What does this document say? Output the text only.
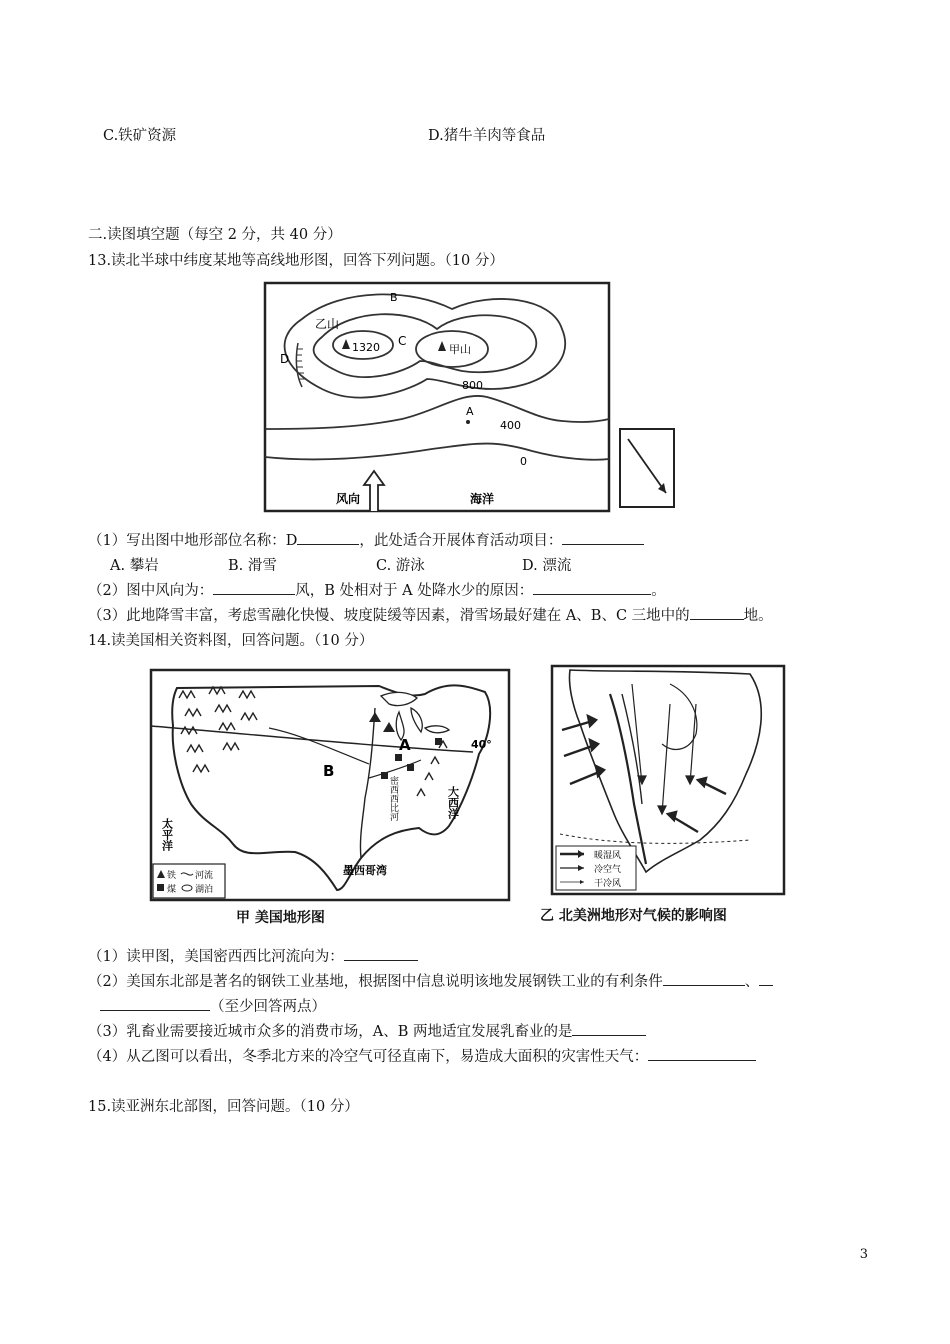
C.铁矿资源	D.猪牛羊肉等食品
二.读图填空题（每空 2 分，共 40 分）
13.读北半球中纬度某地等高线地形图，回答下列问题。（10 分）
乙山
1320	甲山
C
D
B
800
A
400
0
风向	海洋
（1）写出图中地形部位名称：D	，此处适合开展体育活动项目：
A. 攀岩	B. 滑雪	C. 游泳	D. 漂流
（2）图中风向为：	风，B 处相对于 A 处降水少的原因：	。
（3）此地降雪丰富，考虑雪融化快慢、坡度陡缓等因素，滑雪场最好建在 A、B、C 三地中的	地。
14.读美国相关资料图，回答问题。（10 分）
40°
A
B
大西洋
太平洋
密西西比河
墨西哥湾
铁 河流
煤 湖泊
甲 美国地形图
暖湿风
冷空气
干冷风
乙 北美洲地形对气候的影响图
（1）读甲图，美国密西西比河流向为：
（2）美国东北部是著名的钢铁工业基地，根据图中信息说明该地发展钢铁工业的有利条件	、
（至少回答两点）
（3）乳畜业需要接近城市众多的消费市场，A、B 两地适宜发展乳畜业的是
（4）从乙图可以看出，冬季北方来的冷空气可径直南下，易造成大面积的灾害性天气：
15.读亚洲东北部图，回答问题。（10 分）
3
